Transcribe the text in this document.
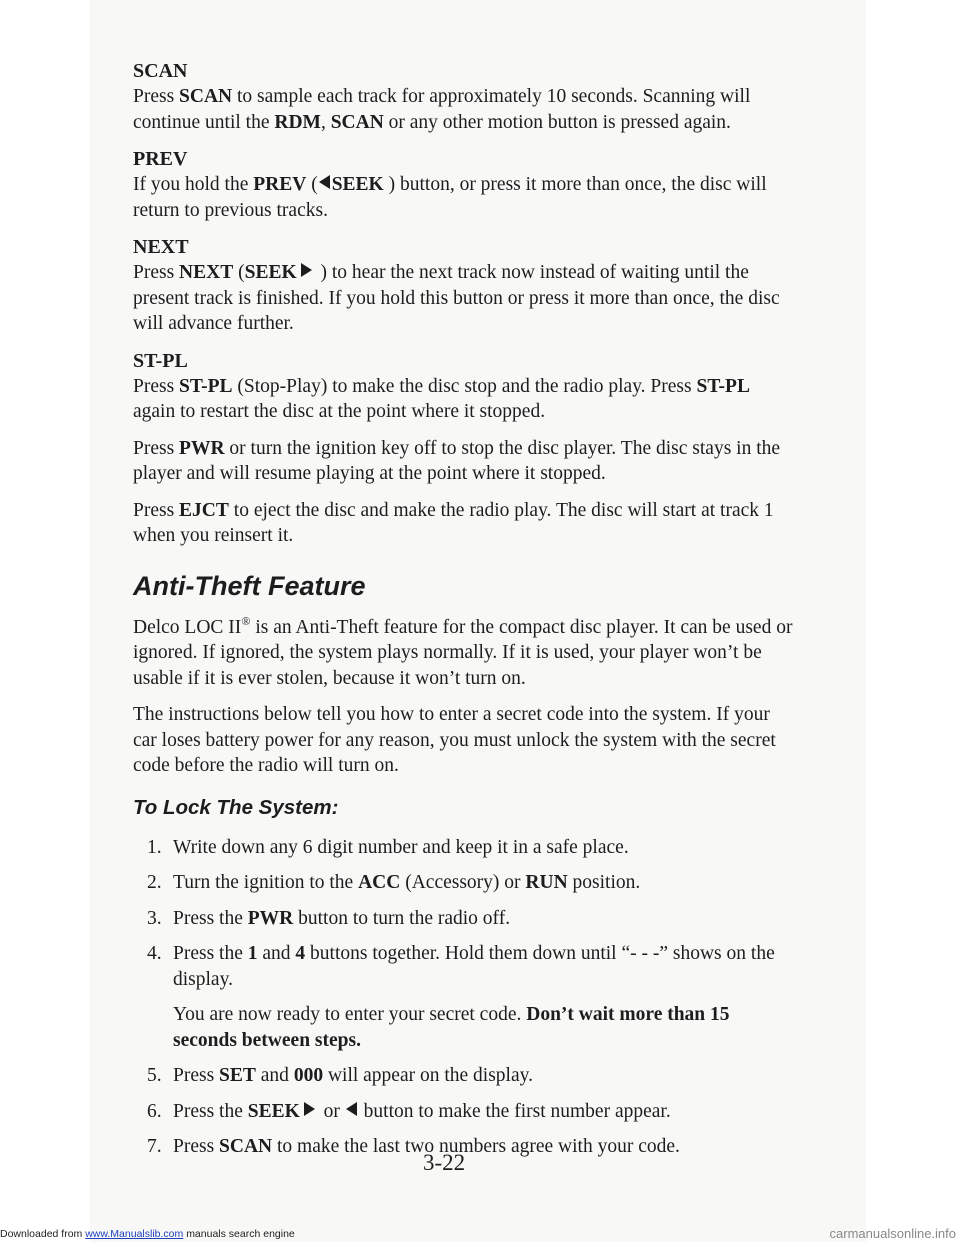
SCAN

Press SCAN to sample each track for approximately 10 seconds. Scanning will continue until the RDM, SCAN or any other motion button is pressed again.

PREV

If you hold the PREV ( SEEK ) button, or press it more than once, the disc will return to previous tracks.

NEXT

Press NEXT (SEEK ) to hear the next track now instead of waiting until the present track is finished. If you hold this button or press it more than once, the disc will advance further.

ST-PL

Press ST-PL (Stop-Play) to make the disc stop and the radio play. Press ST-PL again to restart the disc at the point where it stopped.

Press PWR or turn the ignition key off to stop the disc player. The disc stays in the player and will resume playing at the point where it stopped.

Press EJCT to eject the disc and make the radio play. The disc will start at track 1 when you reinsert it.

Anti-Theft Feature

Delco LOC II® is an Anti-Theft feature for the compact disc player. It can be used or ignored. If ignored, the system plays normally. If it is used, your player won’t be usable if it is ever stolen, because it won’t turn on.

The instructions below tell you how to enter a secret code into the system. If your car loses battery power for any reason, you must unlock the system with the secret code before the radio will turn on.

To Lock The System:
1. Write down any 6 digit number and keep it in a safe place.
2. Turn the ignition to the ACC (Accessory) or RUN position.
3. Press the PWR button to turn the radio off.
4. Press the 1 and 4 buttons together. Hold them down until “- - -” shows on the display.

You are now ready to enter your secret code. Don’t wait more than 15 seconds between steps.

5. Press SET and 000 will appear on the display.
6. Press the SEEK or  button to make the first number appear.
7. Press SCAN to make the last two numbers agree with your code.
3-22
Downloaded from www.Manualslib.com manuals search engine	carmanualsonline.info
